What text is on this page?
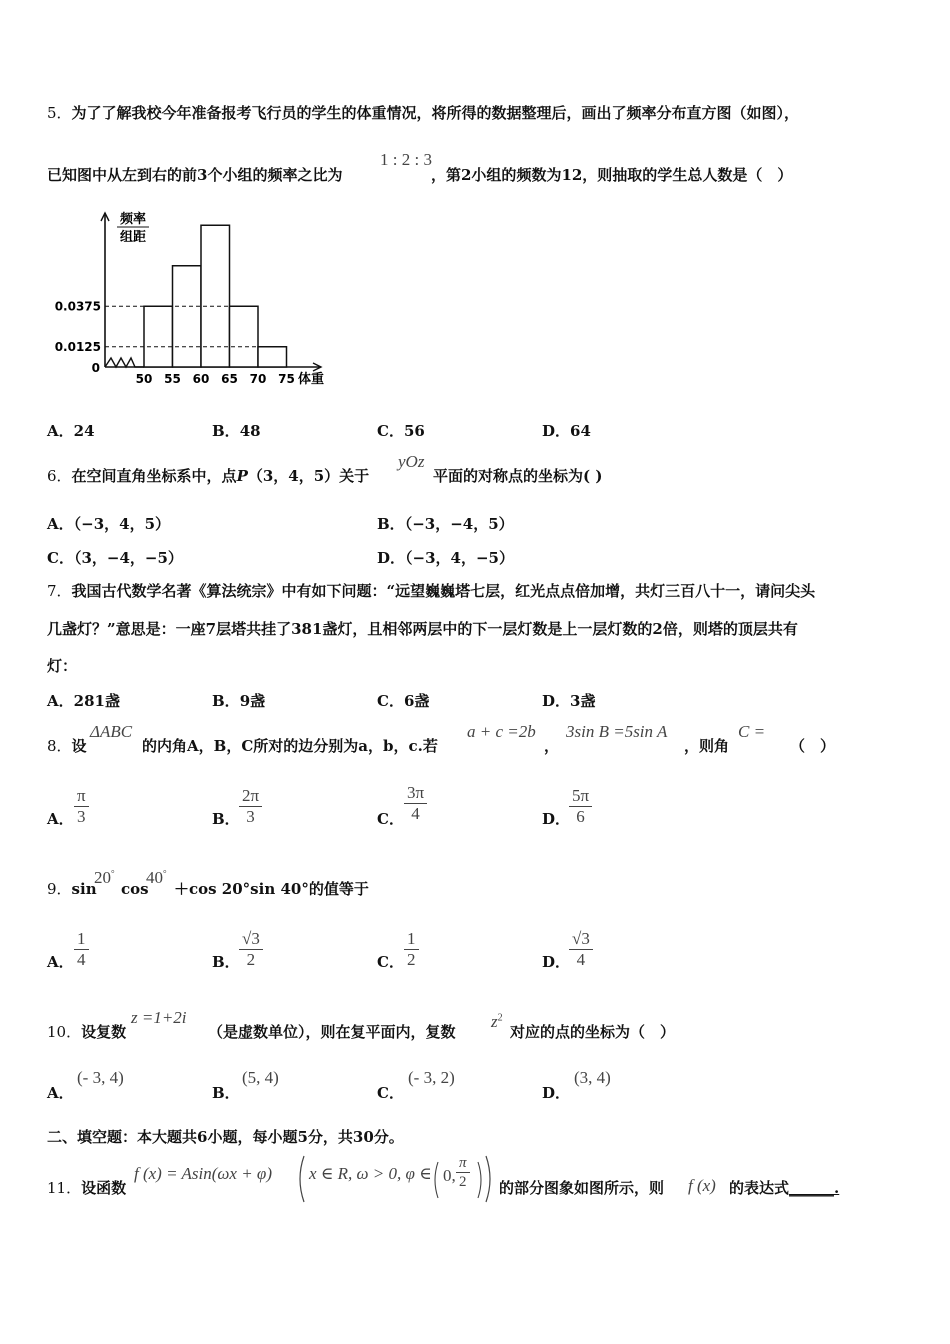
5．为了了解我校今年准备报考飞行员的学生的体重情况，将所得的数据整理后，画出了频率分布直方图（如图），
已知图中从左到右的前3个小组的频率之比为
1 : 2 : 3
，第2小组的频数为12，则抽取的学生总人数是（　）
频率
组距
0.0375
0.0125
0
50 55 60 65 70 75 体重
A．24	B．48	C．56	D．64
6．在空间直角坐标系中，点P（3，4，5）关于
yOz
平面的对称点的坐标为( )
A．（−3，4，5）	B．（−3，−4，5）
C．（3，−4，−5）	D．（−3，4，−5）
7．我国古代数学名著《算法统宗》中有如下问题：“远望巍巍塔七层，红光点点倍加增，共灯三百八十一，请问尖头
几盏灯？”意思是：一座7层塔共挂了381盏灯，且相邻两层中的下一层灯数是上一层灯数的2倍，则塔的顶层共有
灯：
A．281盏	B．9盏	C．6盏	D．3盏
8．设
ΔABC
的内角A，B，C所对的边分别为a，b，c.若
a + c =2b
，
3sin B =5sin A
，则角
C =
（　）
A． $\frac{\pi}{3}$	B． $\frac{2\pi}{3}$	C． $\frac{3\pi}{4}$	D．
$\frac{5\pi}{6}$
9．sin
20°
cos
40°
＋cos 20°sin 40°的值等于
A． $\frac{1}{4}$	B． $\frac{√3}{2}$	C． $\frac{1}{2}$	D．
$\frac{√3}{4}$
10．设复数
z =1+2i
（是虚数单位），则在复平面内，复数
$z^2$
对应的点的坐标为（　）
A．
(- 3, 4)
B．
(5, 4)
C．
(- 3, 2)
D．
(3, 4)
二、填空题：本大题共6小题，每小题5分，共30分。
11．设函数
f (x) = Asin(ωx + φ) x ∈ R, ω > 0, φ ∈ 0, $\frac{\pi}{2}$ 的部分图象如图所示，则 f (x) 的表达式______.
